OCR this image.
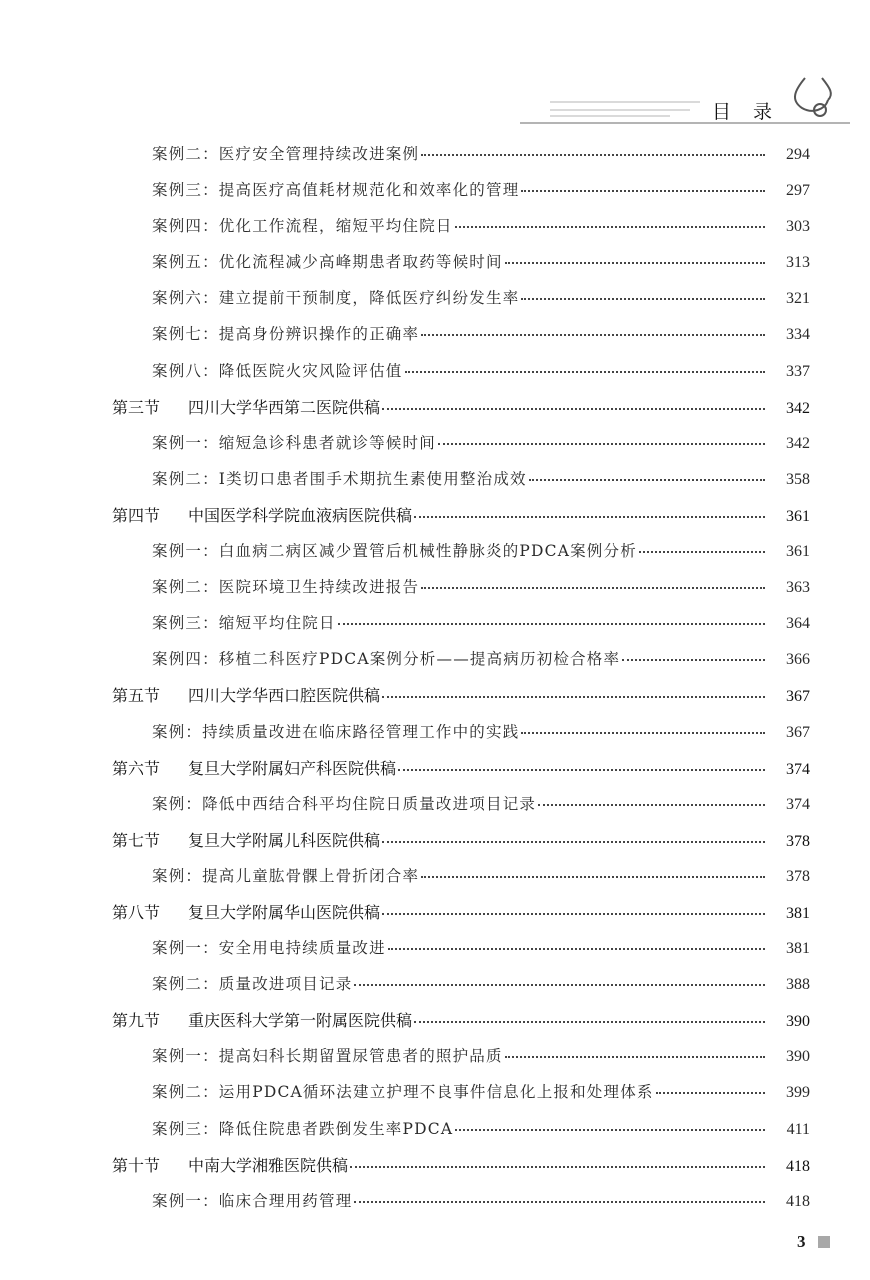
目 录
案例二：医疗安全管理持续改进案例	294
案例三：提高医疗高值耗材规范化和效率化的管理	297
案例四：优化工作流程，缩短平均住院日	303
案例五：优化流程减少高峰期患者取药等候时间	313
案例六：建立提前干预制度，降低医疗纠纷发生率	321
案例七：提高身份辨识操作的正确率	334
案例八：降低医院火灾风险评估值	337
第三节 四川大学华西第二医院供稿	342
案例一：缩短急诊科患者就诊等候时间	342
案例二：Ⅰ类切口患者围手术期抗生素使用整治成效	358
第四节 中国医学科学院血液病医院供稿	361
案例一：白血病二病区减少置管后机械性静脉炎的PDCA案例分析	361
案例二：医院环境卫生持续改进报告	363
案例三：缩短平均住院日	364
案例四：移植二科医疗PDCA案例分析——提高病历初检合格率	366
第五节 四川大学华西口腔医院供稿	367
案例：持续质量改进在临床路径管理工作中的实践	367
第六节 复旦大学附属妇产科医院供稿	374
案例：降低中西结合科平均住院日质量改进项目记录	374
第七节 复旦大学附属儿科医院供稿	378
案例：提高儿童肱骨髁上骨折闭合率	378
第八节 复旦大学附属华山医院供稿	381
案例一：安全用电持续质量改进	381
案例二：质量改进项目记录	388
第九节 重庆医科大学第一附属医院供稿	390
案例一：提高妇科长期留置尿管患者的照护品质	390
案例二：运用PDCA循环法建立护理不良事件信息化上报和处理体系	399
案例三：降低住院患者跌倒发生率PDCA	411
第十节 中南大学湘雅医院供稿	418
案例一：临床合理用药管理	418
3
